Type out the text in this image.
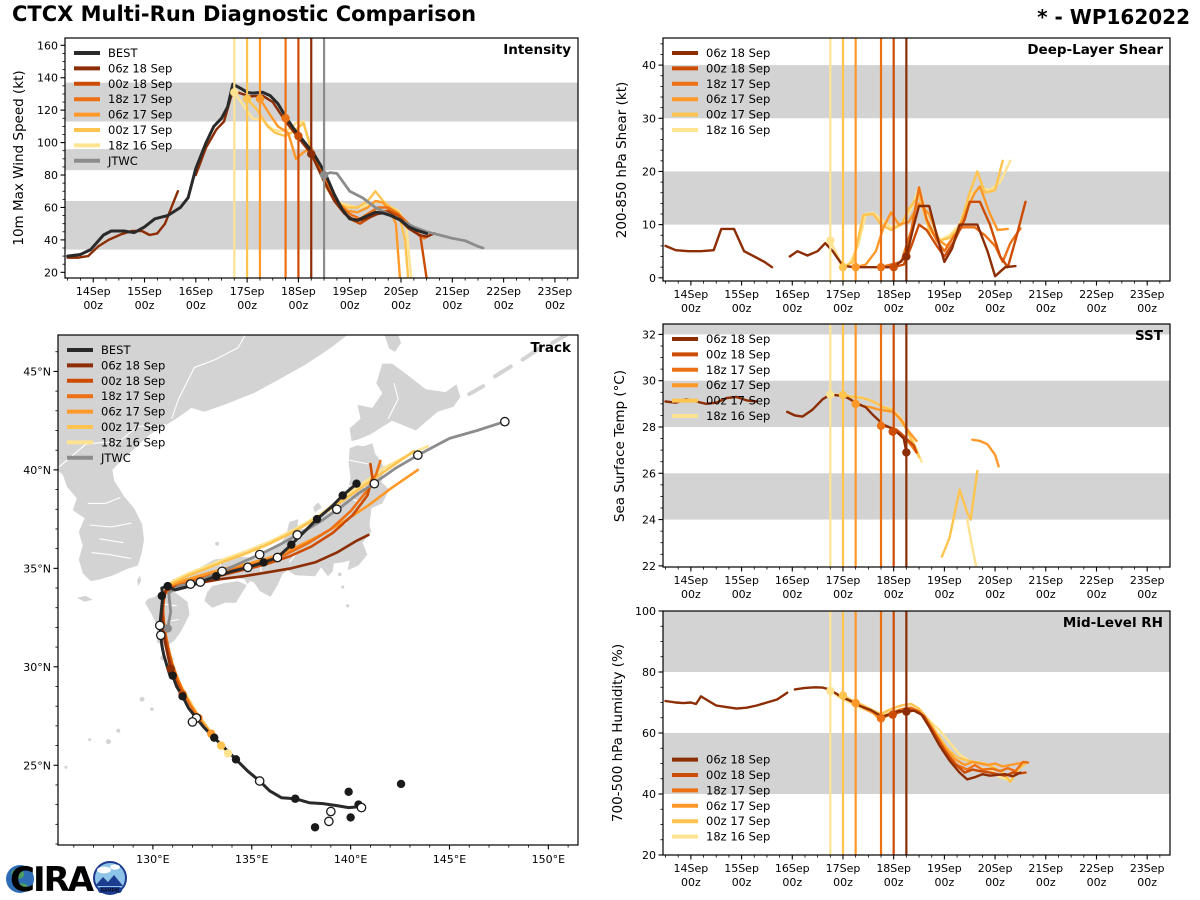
14Sep
00z
15Sep
00z
16Sep
00z
17Sep
00z
18Sep
00z
19Sep
00z
20Sep
00z
21Sep
00z
22Sep
00z
23Sep
00z
20
40
60
80
100
120
140
160
BEST
06z 18 Sep
00z 18 Sep
18z 17 Sep
06z 17 Sep
00z 17 Sep
18z 16 Sep
JTWC
14Sep
00z
15Sep
00z
16Sep
00z
17Sep
00z
18Sep
00z
19Sep
00z
20Sep
00z
21Sep
00z
22Sep
00z
23Sep
00z
0
10
20
30
40
06z 18 Sep
00z 18 Sep
18z 17 Sep
06z 17 Sep
00z 17 Sep
18z 16 Sep
14Sep
00z
15Sep
00z
16Sep
00z
17Sep
00z
18Sep
00z
19Sep
00z
20Sep
00z
21Sep
00z
22Sep
00z
23Sep
00z
22
24
26
28
30
32	06z 18 Sep
00z 18 Sep
18z 17 Sep
06z 17 Sep
00z 17 Sep
18z 16 Sep
14Sep
00z
15Sep
00z
16Sep
00z
17Sep
00z
18Sep
00z
19Sep
00z
20Sep
00z
21Sep
00z
22Sep
00z
23Sep
00z
20
40
60
80
100
06z 18 Sep
00z 18 Sep
18z 17 Sep
06z 17 Sep
00z 17 Sep
18z 16 Sep
130°E	135°E	140°E	145°E	150°E
25°N
30°N
35°N
40°N
45°N
BEST
06z 18 Sep
00z 18 Sep
18z 17 Sep
06z 17 Sep
00z 17 Sep
18z 16 Sep
JTWC
CTCX Multi-Run Diagnostic Comparison	* - WP162022
Intensity	Deep-Layer Shear
SST
Mid-Level RH
Track
10m Max Wind Speed (kt)	200-850 hPa Shear (kt)
Sea Surface Temp (°C)
700-500 hPa Humidity (%)
CIRA	RAMMB
